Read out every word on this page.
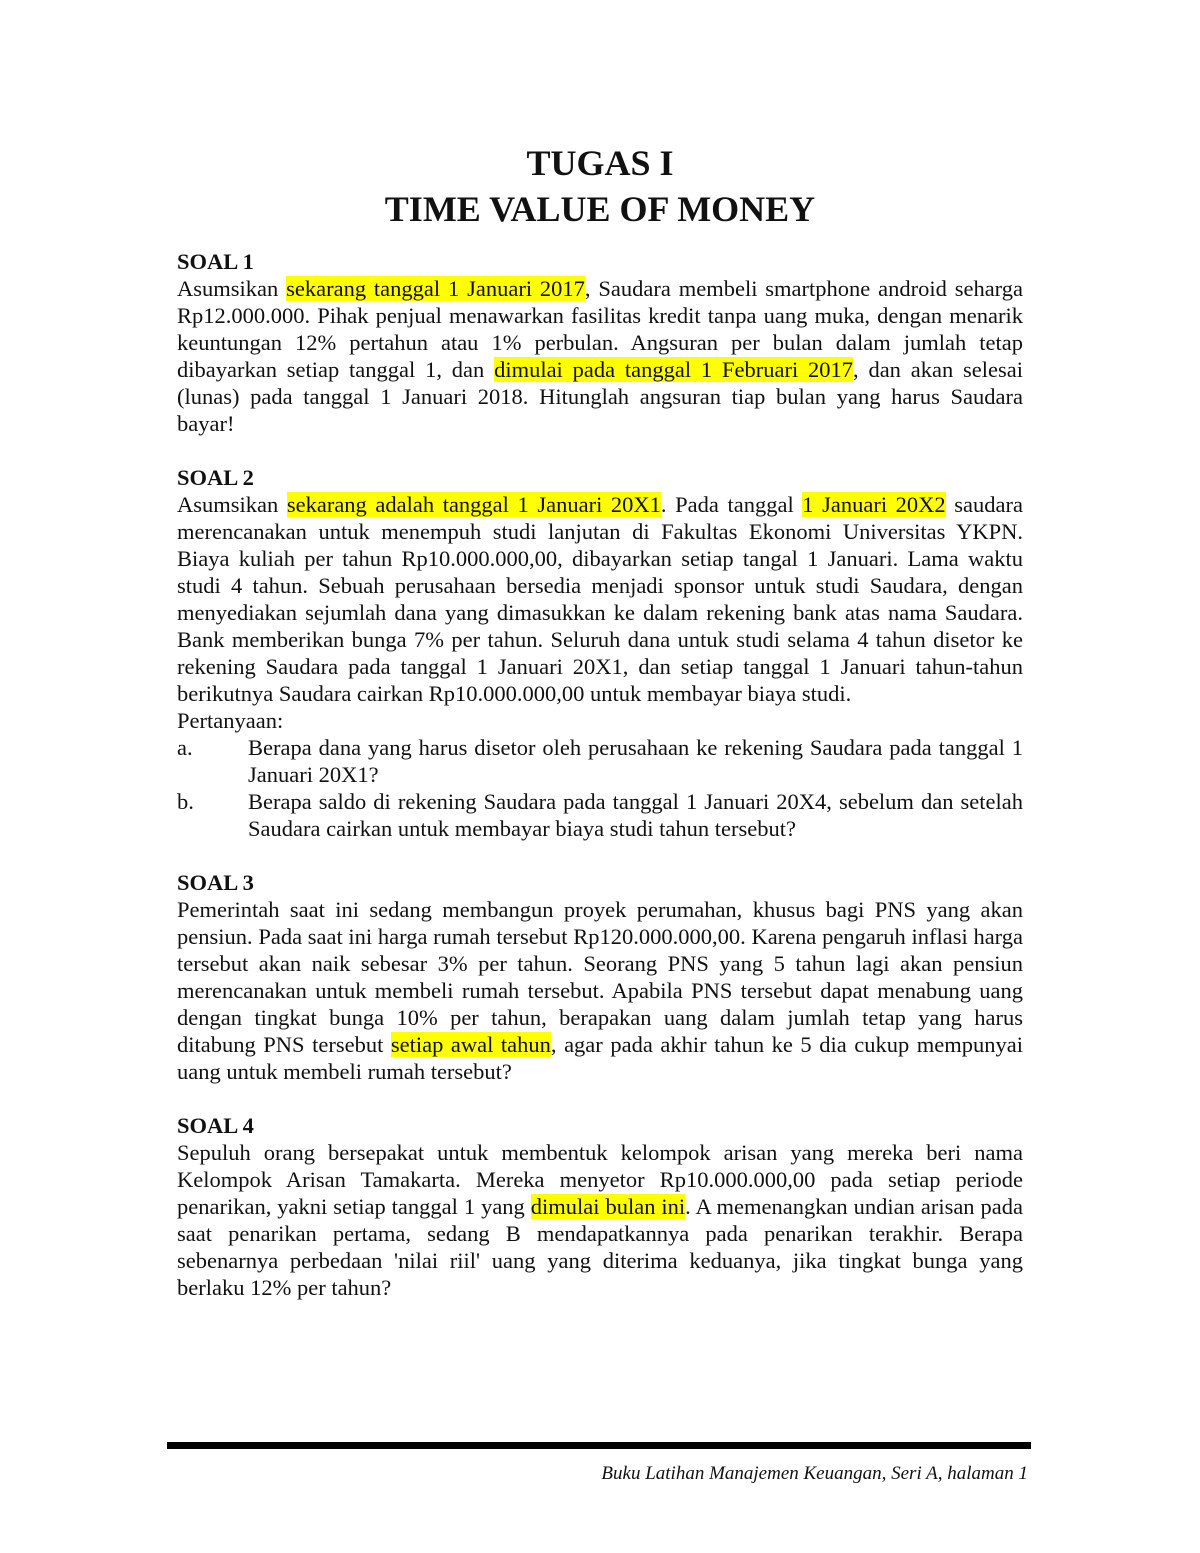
TUGAS I

TIME VALUE OF MONEY

SOAL 1

Asumsikan sekarang tanggal 1 Januari 2017, Saudara membeli smartphone android seharga Rp12.000.000. Pihak penjual menawarkan fasilitas kredit tanpa uang muka, dengan menarik keuntungan 12% pertahun atau 1% perbulan. Angsuran per bulan dalam jumlah tetap dibayarkan setiap tanggal 1, dan dimulai pada tanggal 1 Februari 2017, dan akan selesai (lunas) pada tanggal 1 Januari 2018. Hitunglah angsuran tiap bulan yang harus Saudara bayar!

SOAL 2

Asumsikan sekarang adalah tanggal 1 Januari 20X1. Pada tanggal 1 Januari 20X2 saudara merencanakan untuk menempuh studi lanjutan di Fakultas Ekonomi Universitas YKPN. Biaya kuliah per tahun Rp10.000.000,00, dibayarkan setiap tangal 1 Januari. Lama waktu studi 4 tahun. Sebuah perusahaan bersedia menjadi sponsor untuk studi Saudara, dengan menyediakan sejumlah dana yang dimasukkan ke dalam rekening bank atas nama Saudara. Bank memberikan bunga 7% per tahun. Seluruh dana untuk studi selama 4 tahun disetor ke rekening Saudara pada tanggal 1 Januari 20X1, dan setiap tanggal 1 Januari tahun-tahun berikutnya Saudara cairkan Rp10.000.000,00 untuk membayar biaya studi.

Pertanyaan:

a.	Berapa dana yang harus disetor oleh perusahaan ke rekening Saudara pada tanggal 1 Januari 20X1?
b.	Berapa saldo di rekening Saudara pada tanggal 1 Januari 20X4, sebelum dan setelah Saudara cairkan untuk membayar biaya studi tahun tersebut?

SOAL 3

Pemerintah saat ini sedang membangun proyek perumahan, khusus bagi PNS yang akan pensiun. Pada saat ini harga rumah tersebut Rp120.000.000,00. Karena pengaruh inflasi harga tersebut akan naik sebesar 3% per tahun. Seorang PNS yang 5 tahun lagi akan pensiun merencanakan untuk membeli rumah tersebut. Apabila PNS tersebut dapat menabung uang dengan tingkat bunga 10% per tahun, berapakan uang dalam jumlah tetap yang harus ditabung PNS tersebut setiap awal tahun, agar pada akhir tahun ke 5 dia cukup mempunyai uang untuk membeli rumah tersebut?

SOAL 4

Sepuluh orang bersepakat untuk membentuk kelompok arisan yang mereka beri nama Kelompok Arisan Tamakarta. Mereka menyetor Rp10.000.000,00 pada setiap periode penarikan, yakni setiap tanggal 1 yang dimulai bulan ini. A memenangkan undian arisan pada saat penarikan pertama, sedang B mendapatkannya pada penarikan terakhir. Berapa sebenarnya perbedaan 'nilai riil' uang yang diterima keduanya, jika tingkat bunga yang berlaku 12% per tahun?

Buku Latihan Manajemen Keuangan, Seri A, halaman 1
